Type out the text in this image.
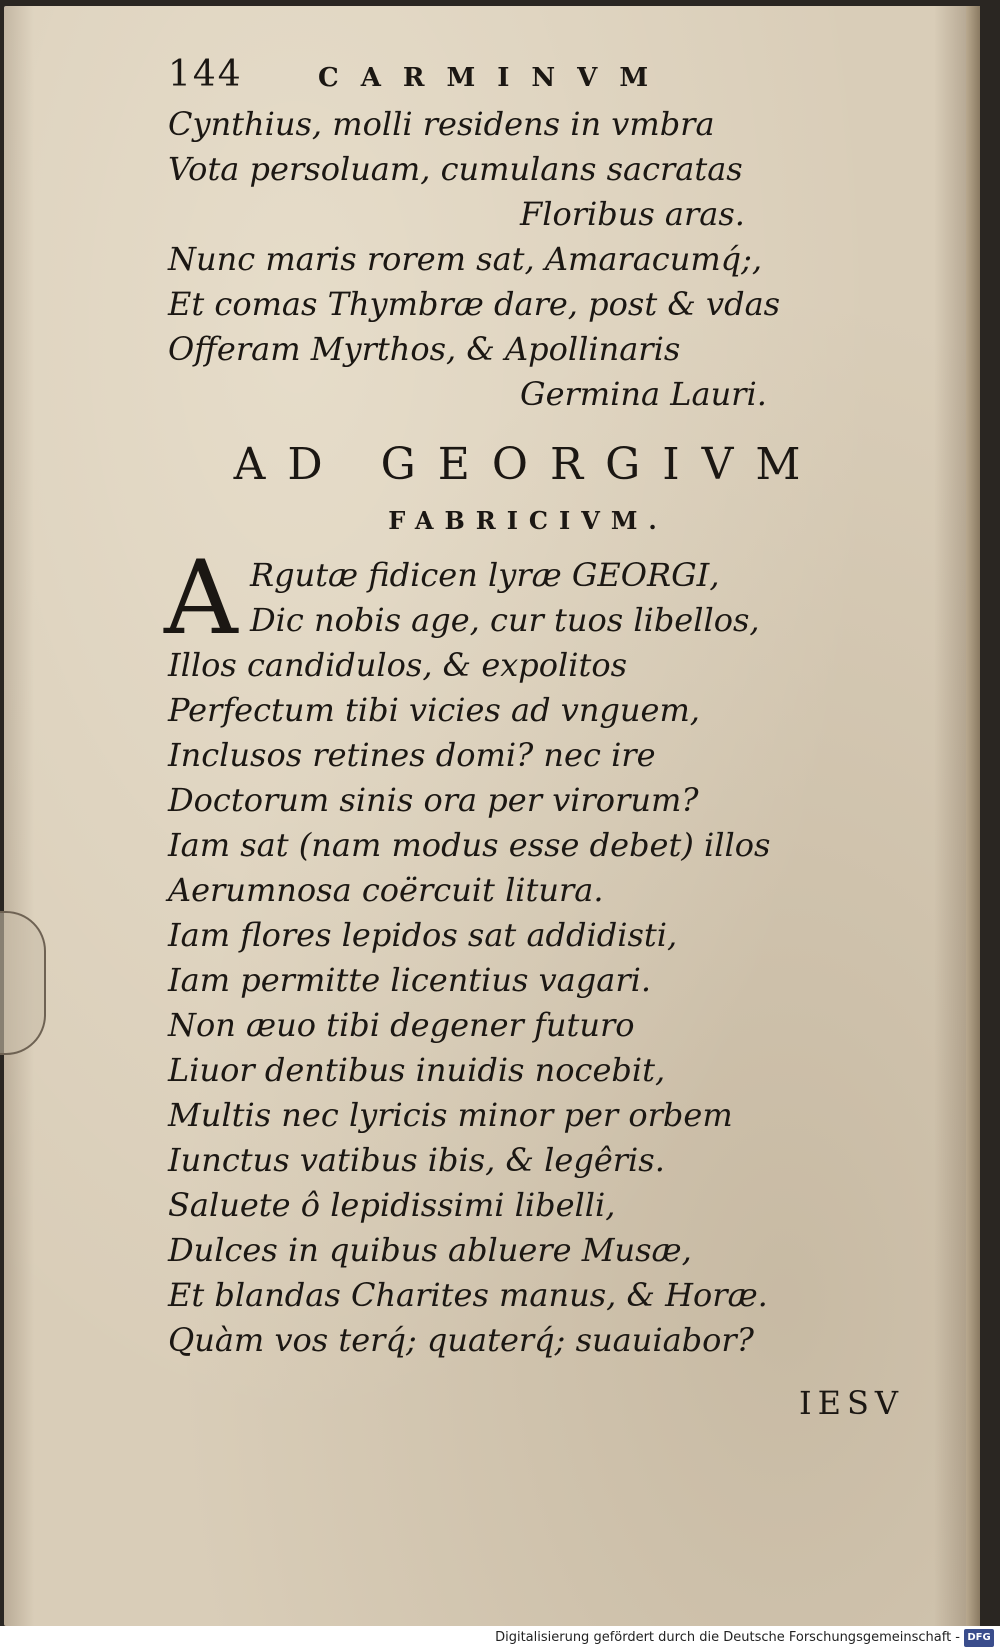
144	CARMINVM
Cynthius, molli residens in vmbra
Vota persoluam, cumulans sacratas
Floribus aras.
Nunc maris rorem sat, Amaracumq́;,
Et comas Thymbræ dare, post & vdas
Offeram Myrthos, & Apollinaris
Germina Lauri.
AD GEORGIVM
FABRICIVM.
A Rgutæ fidicen lyræ GEORGI,
Dic nobis age, cur tuos libellos,
Illos candidulos, & expolitos
Perfectum tibi vicies ad vnguem,
Inclusos retines domi? nec ire
Doctorum sinis ora per virorum?
Iam sat (nam modus esse debet) illos
Aerumnosa coërcuit litura.
Iam flores lepidos sat addidisti,
Iam permitte licentius vagari.
Non æuo tibi degener futuro
Liuor dentibus inuidis nocebit,
Multis nec lyricis minor per orbem
Iunctus vatibus ibis, & legêris.
Saluete ô lepidissimi libelli,
Dulces in quibus abluere Musæ,
Et blandas Charites manus, & Horæ.
Quàm vos terq́; quaterq́; suauiabor?
IESV
Digitalisierung gefördert durch die Deutsche Forschungsgemeinschaft - DFG
